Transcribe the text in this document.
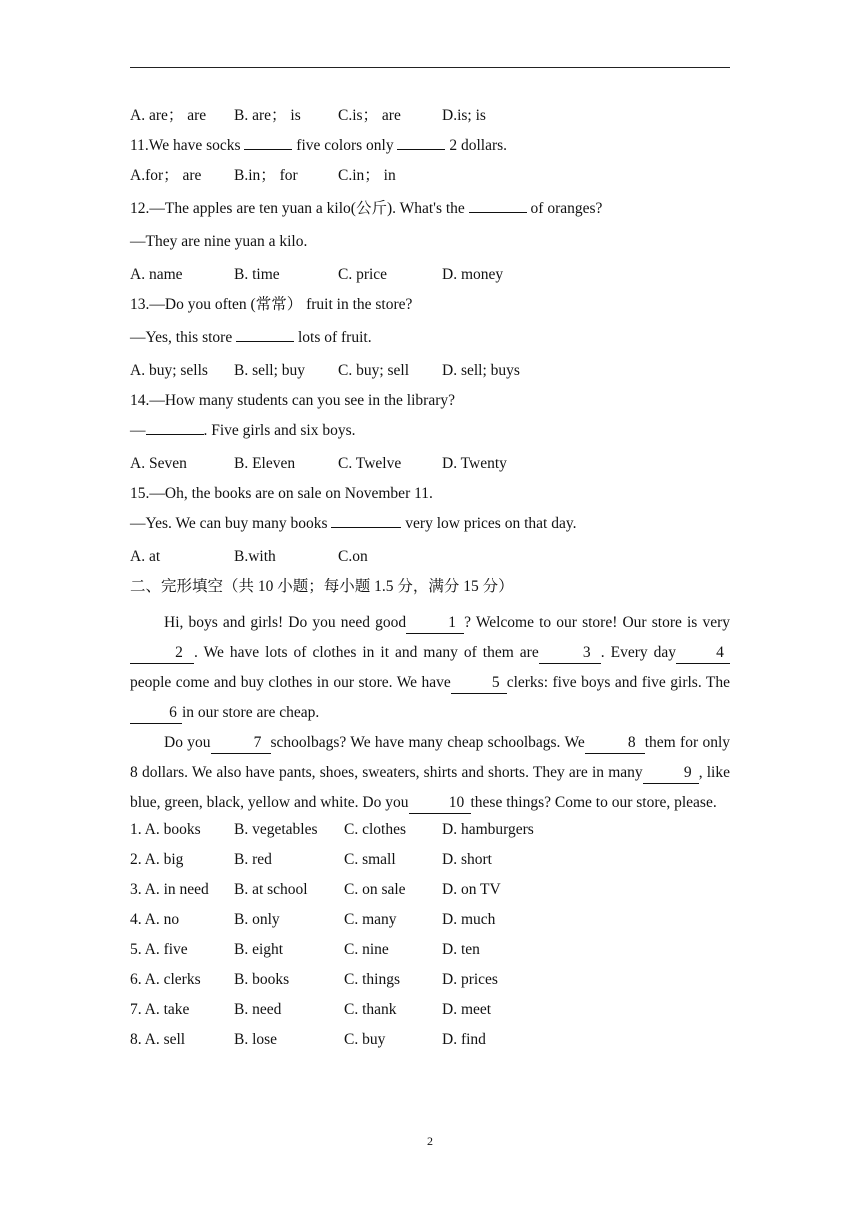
A. are； are	B. are； is	C.is； are	D.is; is
11.We have socks	five colors only	2 dollars.
A.for； are	B.in； for	C.in； in
12.—The apples are ten yuan a kilo(公斤). What's the	of oranges?
—They are nine yuan a kilo.
A. name	B. time	C. price	D. money
13.—Do you often (常常） fruit in the store?
—Yes, this store	lots of fruit.
A. buy; sells	B. sell; buy	C. buy; sell	D. sell; buys
14.—How many students can you see in the library?
—	. Five girls and six boys.
A. Seven	B. Eleven	C. Twelve	D. Twenty
15.—Oh, the books are on sale on November 11.
—Yes. We can buy many books	very low prices on that day.
A. at	B.with	C.on
二、完形填空（共 10 小题；每小题 1.5 分，满分 15 分）
Hi, boys and girls! Do you need good	1 ? Welcome to our store! Our store is very2 . We have lots of clothes in it and many of them are	3 . Every day	4people come and buy clothes in our store. We have	5 clerks: five boys and five girls. The6 in our store are cheap.
Do you	7 schoolbags? We have many cheap schoolbags. We	8 them for only 8 dollars. We also have pants, shoes, sweaters, shirts and shorts. They are in many	9 , like blue, green, black, yellow and white. Do you	10 these things? Come to our store, please.
1. A. books	B. vegetables	C. clothes	D. hamburgers
2. A. big	B. red	C. small	D. short
3. A. in need	B. at school	C. on sale	D. on TV
4. A. no	B. only	C. many	D. much
5. A. five	B. eight	C. nine	D. ten
6. A. clerks	B. books	C. things	D. prices
7. A. take	B. need	C. thank	D. meet
8. A. sell	B. lose	C. buy	D. find
2
